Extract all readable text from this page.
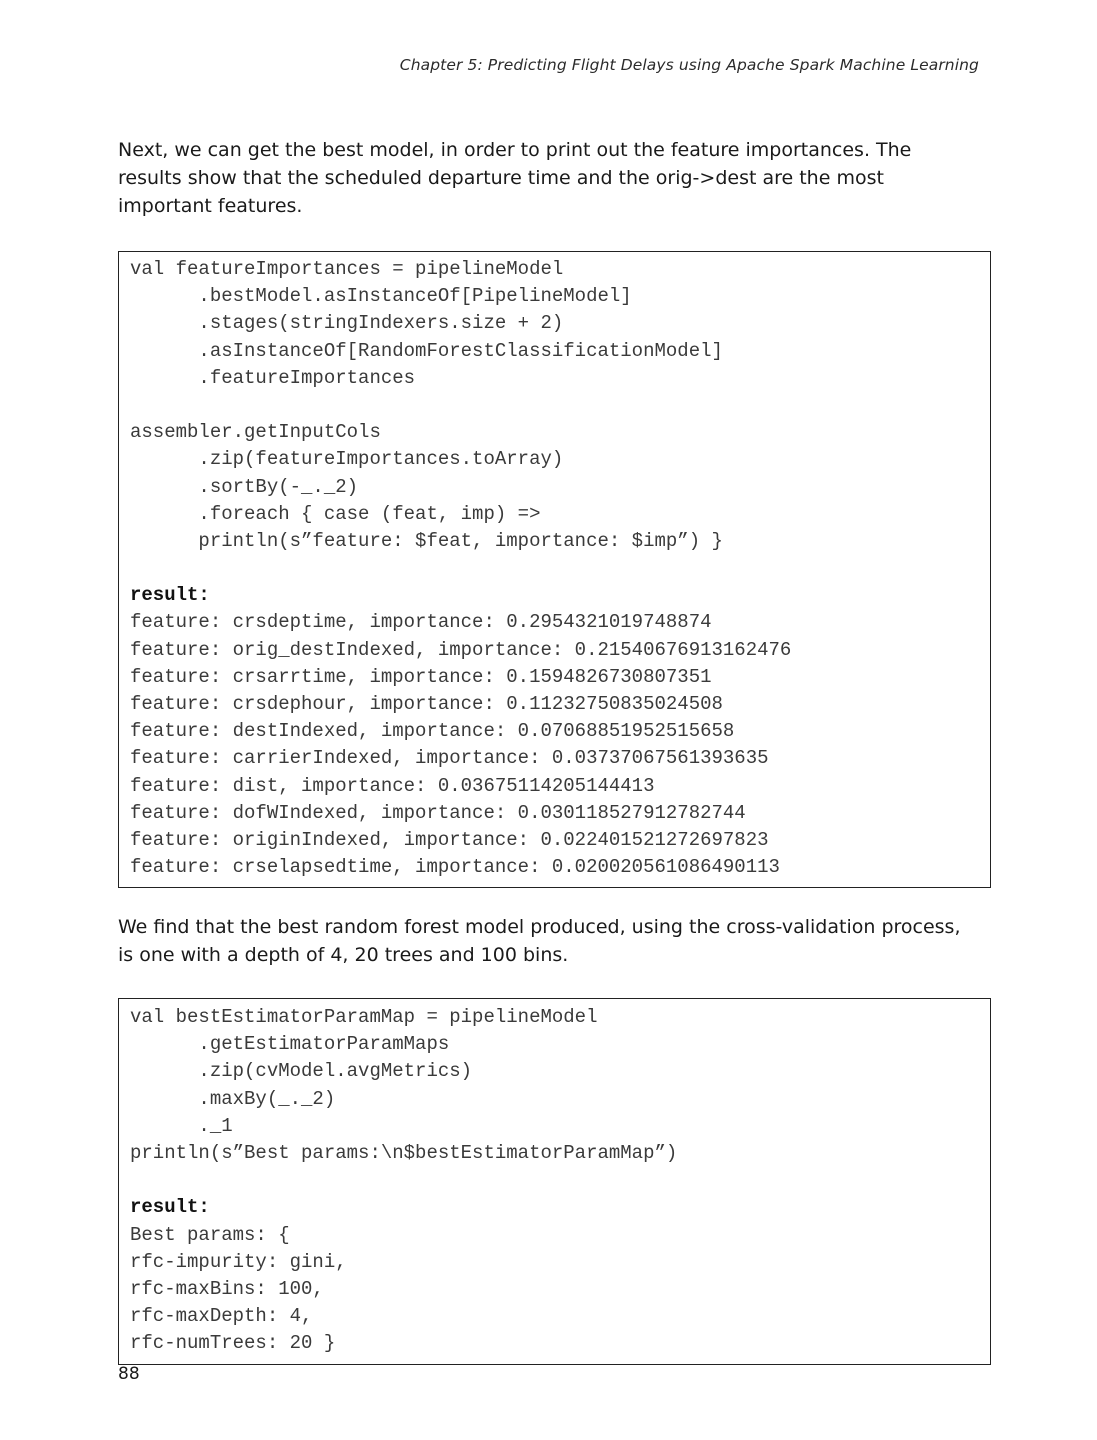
Chapter 5: Predicting Flight Delays using Apache Spark Machine Learning

Next, we can get the best model, in order to print out the feature importances. The results show that the scheduled departure time and the orig->dest are the most important features.

val featureImportances = pipelineModel
.bestModel.asInstanceOf[PipelineModel]
.stages(stringIndexers.size + 2)
.asInstanceOf[RandomForestClassificationModel]
.featureImportances
assembler.getInputCols
.zip(featureImportances.toArray)
.sortBy(-_._2)
.foreach { case (feat, imp) =>
println(s”feature: $feat, importance: $imp”) }
result:
feature: crsdeptime, importance: 0.2954321019748874
feature: orig_destIndexed, importance: 0.21540676913162476
feature: crsarrtime, importance: 0.1594826730807351
feature: crsdephour, importance: 0.11232750835024508
feature: destIndexed, importance: 0.07068851952515658
feature: carrierIndexed, importance: 0.03737067561393635
feature: dist, importance: 0.03675114205144413
feature: dofWIndexed, importance: 0.030118527912782744
feature: originIndexed, importance: 0.022401521272697823
feature: crselapsedtime, importance: 0.020020561086490113

We find that the best random forest model produced, using the cross-validation process, is one with a depth of 4, 20 trees and 100 bins.

val bestEstimatorParamMap = pipelineModel
.getEstimatorParamMaps
.zip(cvModel.avgMetrics)
.maxBy(_._2)
._1
println(s”Best params:\n$bestEstimatorParamMap”)
result:
Best params: {
rfc-impurity: gini,
rfc-maxBins: 100,
rfc-maxDepth: 4,
rfc-numTrees: 20 }
88
